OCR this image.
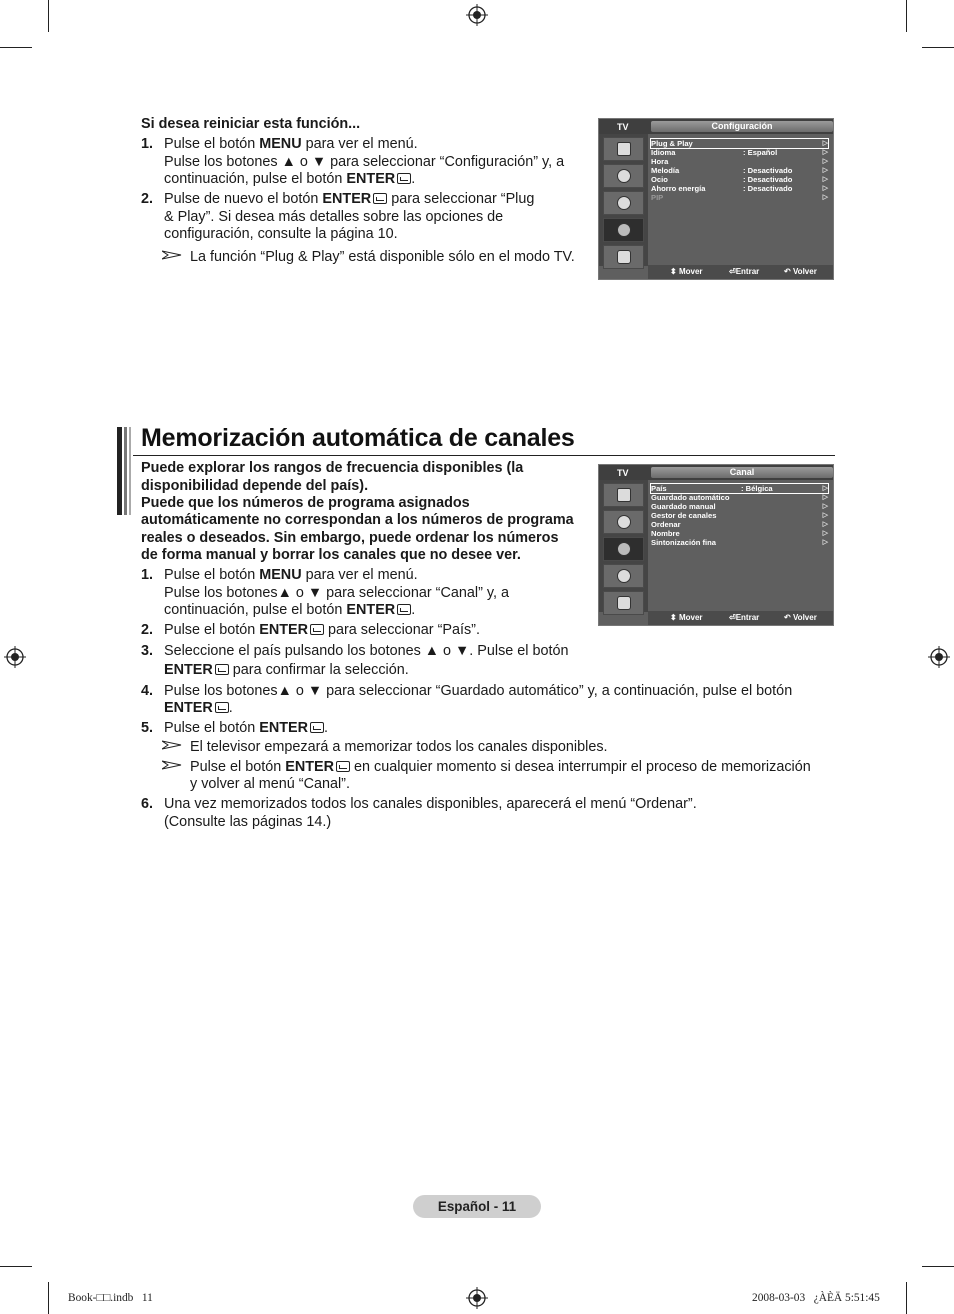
Si desea reiniciar esta función...
1. Pulse el botón MENU para ver el menú.
Pulse los botones ▲ o ▼ para seleccionar “Configuración” y, a
continuación, pulse el botón ENTER .
2. Pulse de nuevo el botón ENTER para seleccionar “Plug
& Play”. Si desea más detalles sobre las opciones de
configuración, consulte la página 10.
La función “Plug & Play” está disponible sólo en el modo TV.
TV	Configuración
Plug & Play	▷
Idioma	: Español	▷
Hora	▷
Melodía	: Desactivado	▷
Ocio	: Desactivado	▷
Ahorro energía	: Desactivado	▷
PIP	▷
⬍ Mover	⏎Entrar	↶ Volver
Memorización automática de canales
Puede explorar los rangos de frecuencia disponibles (la
disponibilidad depende del país).
Puede que los números de programa asignados
automáticamente no correspondan a los números de programa
reales o deseados. Sin embargo, puede ordenar los números
de forma manual y borrar los canales que no desee ver.
1. Pulse el botón MENU para ver el menú.
Pulse los botones▲ o ▼ para seleccionar “Canal” y, a
continuación, pulse el botón ENTER .
2. Pulse el botón ENTER para seleccionar “País”.
3. Seleccione el país pulsando los botones ▲ o ▼. Pulse el botón
ENTER para confirmar la selección.
4. Pulse los botones▲ o ▼ para seleccionar “Guardado automático” y, a continuación, pulse el botón
ENTER .
5. Pulse el botón ENTER .
El televisor empezará a memorizar todos los canales disponibles.
Pulse el botón ENTER en cualquier momento si desea interrumpir el proceso de memorización
y volver al menú “Canal”.
6. Una vez memorizados todos los canales disponibles, aparecerá el menú “Ordenar”.
(Consulte las páginas 14.)
TV	Canal
País	: Bélgica	▷
Guardado automático	▷
Guardado manual	▷
Gestor de canales	▷
Ordenar	▷
Nombre	▷
Sintonización fina	▷
⬍ Mover	⏎Entrar	↶ Volver
Español - 11
Book-□□.indb   11	2008-03-03   ¿ÀÈÄ 5:51:45
